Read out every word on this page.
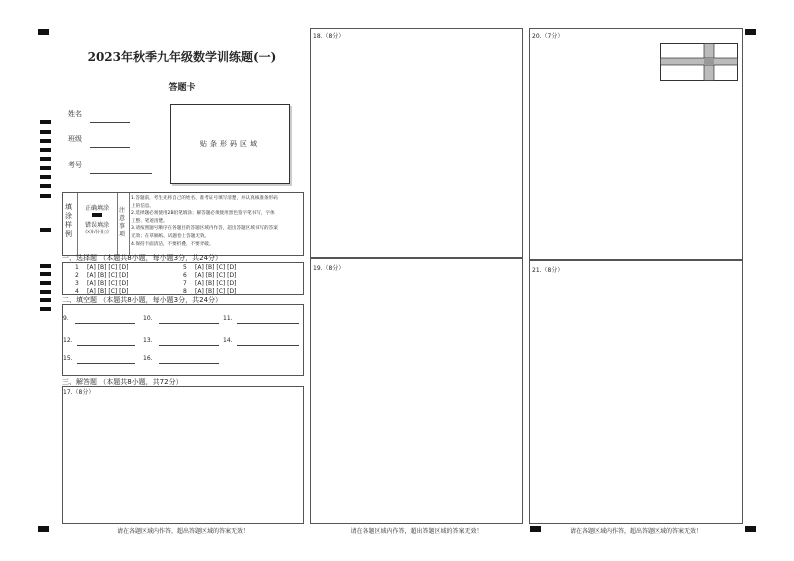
2023年秋季九年级数学训练题(一)
答题卡
姓名
班级
考号
贴条形码区域
填涂样例
正确填涂
错误填涂
(×)(√)(-)(○)
注意事项
1.答题前，考生先将自己的姓名、准考证号填写清楚，并认真核准条形码
上的信息。
2.选择题必须使用2B铅笔填涂；解答题必须使用黑色签字笔书写，字体
工整、笔迹清楚。
3.请按照题号顺序在各题目的答题区域内作答，超出答题区域书写的答案
无效；在草稿纸、试题卷上答题无效。
4.保持卡面清洁，不要折叠、不要弄破。
一、选择题 （本题共8小题，每小题3分，共24分）
1 [A] [B] [C] [D]
2 [A] [B] [C] [D]
3 [A] [B] [C] [D]
4 [A] [B] [C] [D]
5 [A] [B] [C] [D]
6 [A] [B] [C] [D]
7 [A] [B] [C] [D]
8 [A] [B] [C] [D]
二、填空题 （本题共8小题，每小题3分，共24分）
9.	10.	11.
12.	13.	14.
15.	16.
三、解答题 （本题共8小题，共72分）
17.（8分）
请在各题区域内作答，超出答题区域的答案无效！
18.（8分）
19.（8分）
请在各题区域内作答，超出答题区域的答案无效！
20.（7分）
21.（8分）
请在各题区域内作答，超出答题区域的答案无效！
